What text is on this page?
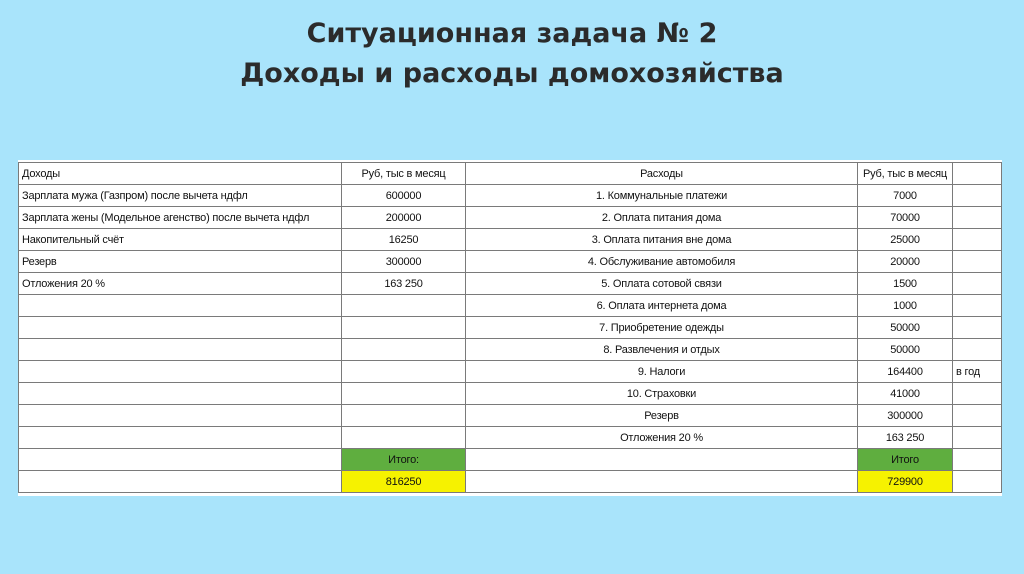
Ситуационная задача № 2
Доходы и расходы домохозяйства
Доходы	Руб, тыс в месяц	Расходы	Руб, тыс в месяц	
Зарплата мужа (Газпром) после вычета ндфл	600000	1. Коммунальные платежи	7000	
Зарплата жены (Модельное агенство) после вычета ндфл	200000	2. Оплата питания дома	70000	
Накопительный счёт	16250	3. Оплата питания вне дома	25000	
Резерв	300000	4. Обслуживание автомобиля	20000	
Отложения 20 %	163 250	5. Оплата сотовой связи	1500	
		6. Оплата интернета дома	1000	
		7. Приобретение одежды	50000	
		8. Развлечения и отдых	50000	
		9. Налоги	164400	в год
		10. Страховки	41000	
		Резерв	300000	
		Отложения 20 %	163 250	
	Итого:		Итого	
	816250		729900	
